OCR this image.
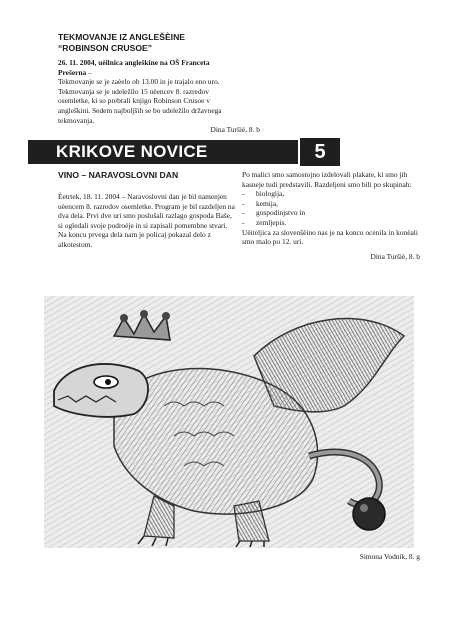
TEKMOVANJE IZ ANGLEŠÈINE
“ROBINSON CRUSOE”
26. 11. 2004, uèilnica angleškine na OŠ Franceta
Prešerna –
Tekmovanje se je zaèelo ob 13.00 in je trajalo eno uro.
Tekmovanja se je udeležilo 15 uèencev 8. razredov
osemletke, ki so prebrali knjigo Robinson Crusoe v
angleškini. Sedem najboljših se bo udeležilo državnega
tekmovanja.
Dina Turšiè, 8. b
KRIKOVE NOVICE	5
VINO – NARAVOSLOVNI DAN
Èetrtek, 18. 11. 2004 – Naravoslovni dan je bil namenjen
uèencem 8. razredov osemletke. Program je bil razdeljen na
dva dela. Prvi dve uri smo poslušali razlago gospoda Baše,
si ogledali svoje podroèje in si zapisali pomembne stvari.
Na koncu prvega dela nam je policaj pokazal delo z
alkotestom.
Po malici smo samostojno izdelovali plakate, ki smo jih
kasneje tudi predstavili. Razdeljeni smo bili po skupinah:
-	biologija,
-	kemija,
-	gospodinjstvo in
-	zemljepis.
Uèiteljica za slovenšèino nas je na koncu ocenila in konèali
smo malo po 12. uri.
Dina Turšiè, 8. b
Simona Vodnik, 8. g
